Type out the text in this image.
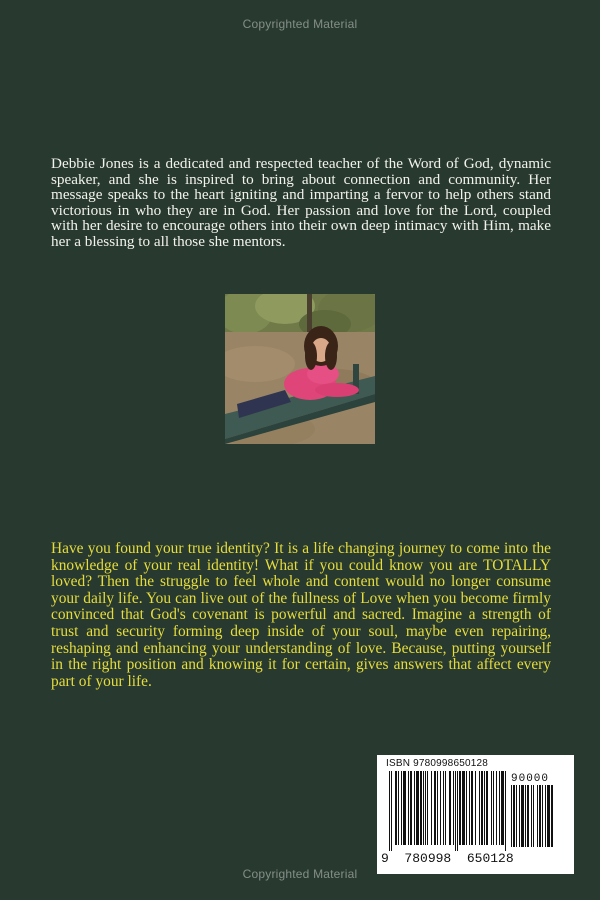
Copyrighted Material

Debbie Jones is a dedicated and respected teacher of the Word of God, dynamic speaker, and she is inspired to bring about connection and community. Her message speaks to the heart igniting and imparting a fervor to help others stand victorious in who they are in God. Her passion and love for the Lord, coupled with her desire to encourage others into their own deep intimacy with Him, make her a blessing to all those she mentors.

Have you found your true identity? It is a life changing journey to come into the knowledge of your real identity! What if you could know you are TOTALLY loved? Then the struggle to feel whole and content would no longer consume your daily life. You can live out of the fullness of Love when you become firmly convinced that God's covenant is powerful and sacred. Imagine a strength of trust and security forming deep inside of your soul, maybe even repairing, reshaping and enhancing your understanding of love. Because, putting yourself in the right position and knowing it for certain, gives answers that affect every part of your life.

ISBN 9780998650128
90000
9 780998 650128
Copyrighted Material
